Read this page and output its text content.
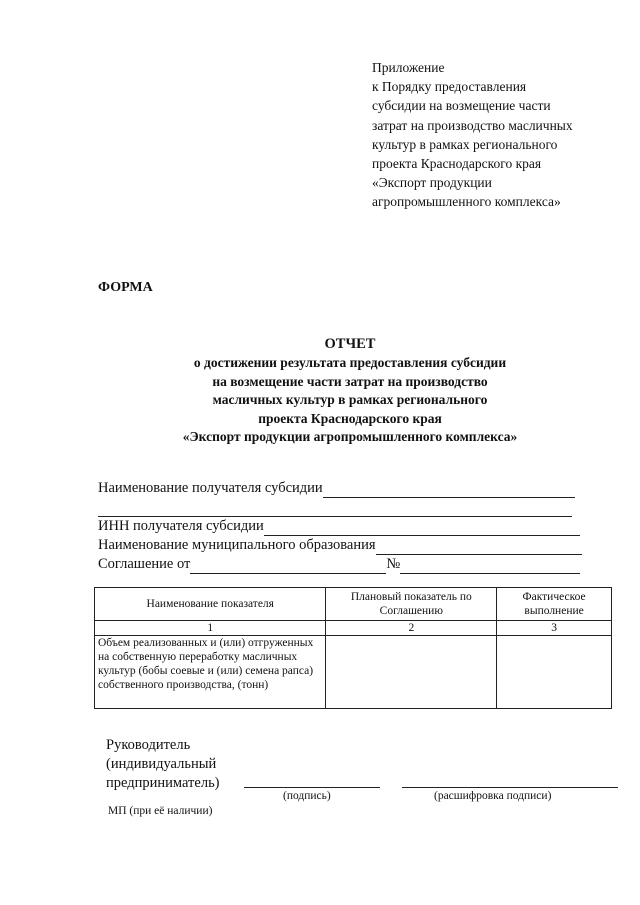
Приложение
к Порядку предоставления
субсидии на возмещение части
затрат на производство масличных
культур в рамках регионального
проекта Краснодарского края
«Экспорт продукции
агропромышленного комплекса»
ФОРМА
ОТЧЕТ
о достижении результата предоставления субсидии
на возмещение части затрат на производство
масличных культур в рамках регионального
проекта Краснодарского края
«Экспорт продукции агропромышленного комплекса»
Наименование получателя субсидии
ИНН получателя субсидии
Наименование муниципального образования
Соглашение от	№
Наименование показателя	Плановый показатель по Соглашению	Фактическое выполнение
1	2	3
Объем реализованных и (или) отгруженных на собственную переработку масличных культур (бобы соевые и (или) семена рапса) собственного производства, (тонн)		
Руководитель
(индивидуальный
предприниматель)
(подпись)	(расшифровка подписи)
МП (при её наличии)
